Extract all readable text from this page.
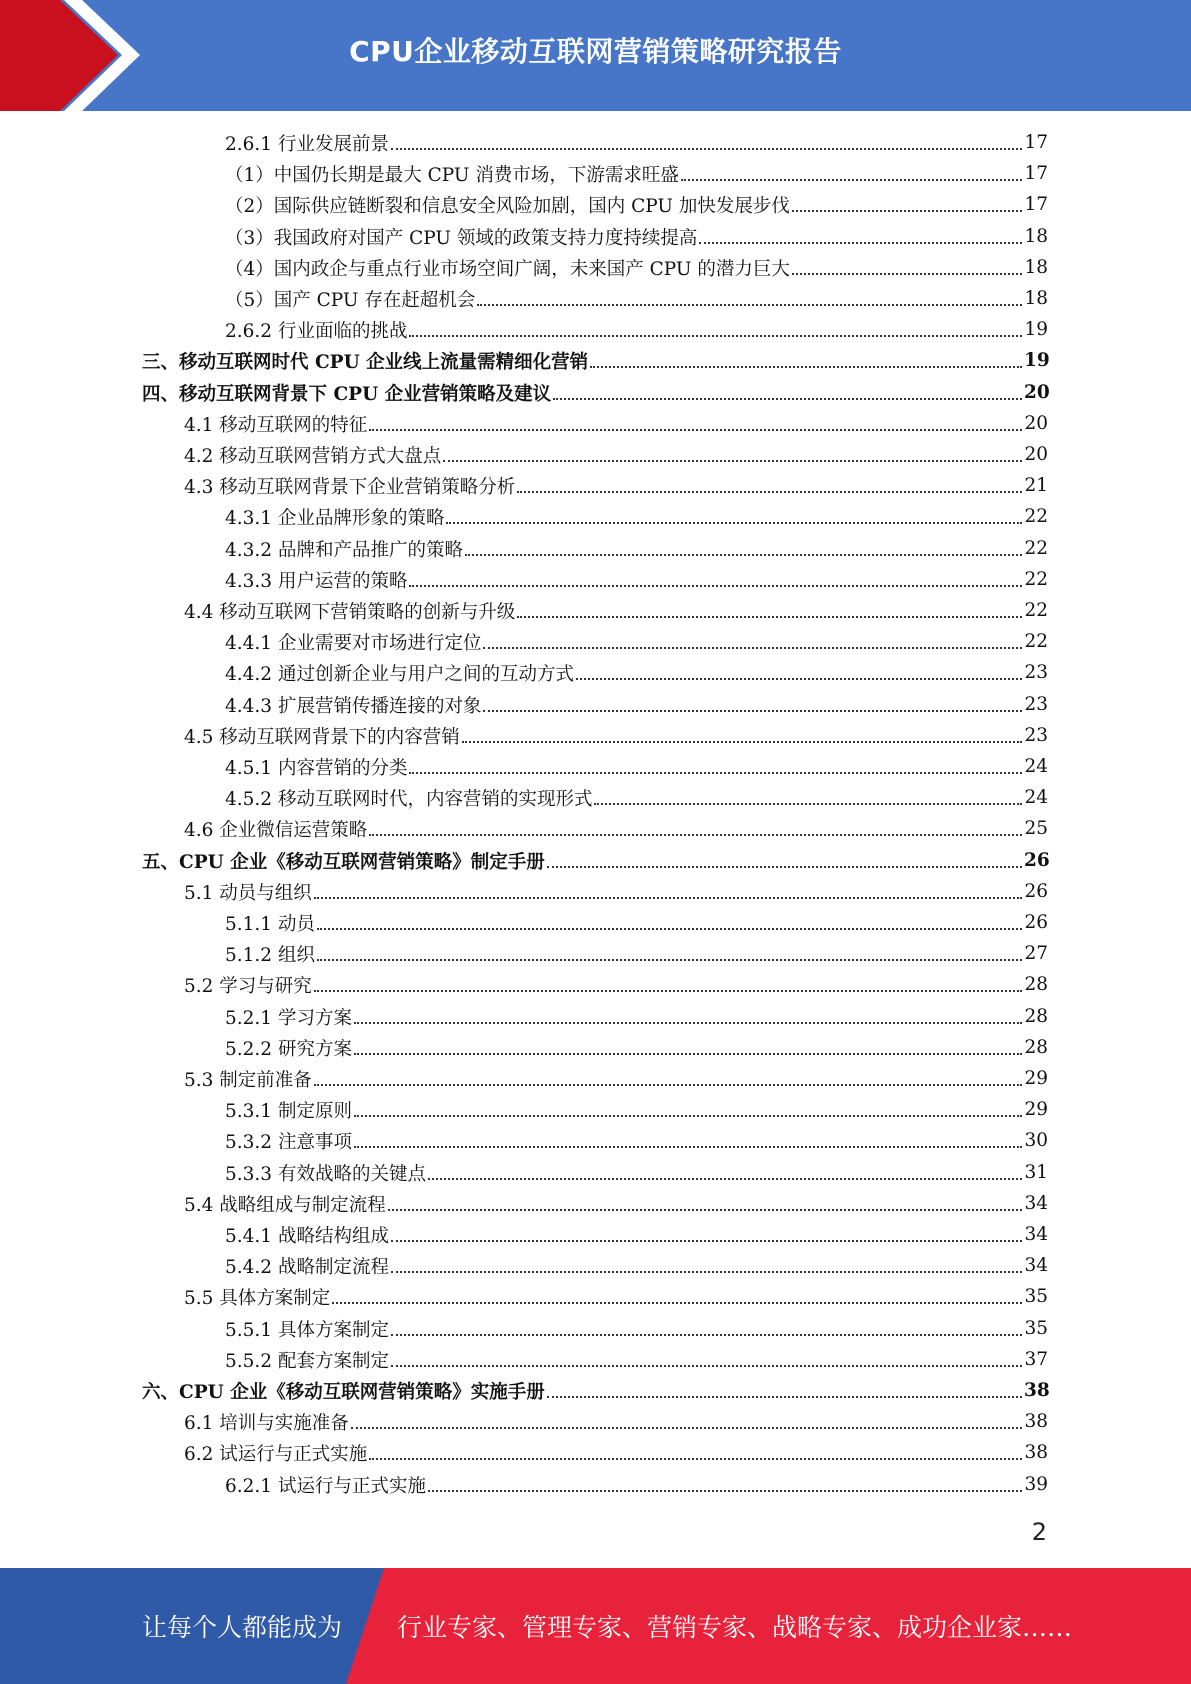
CPU企业移动互联网营销策略研究报告
2.6.1 行业发展前景	17
（1）中国仍长期是最大 CPU 消费市场，下游需求旺盛	17
（2）国际供应链断裂和信息安全风险加剧，国内 CPU 加快发展步伐	17
（3）我国政府对国产 CPU 领域的政策支持力度持续提高	18
（4）国内政企与重点行业市场空间广阔，未来国产 CPU 的潜力巨大	18
（5）国产 CPU 存在赶超机会	18
2.6.2 行业面临的挑战	19
三、移动互联网时代 CPU 企业线上流量需精细化营销	19
四、移动互联网背景下 CPU 企业营销策略及建议	20
4.1 移动互联网的特征	20
4.2 移动互联网营销方式大盘点	20
4.3 移动互联网背景下企业营销策略分析	21
4.3.1 企业品牌形象的策略	22
4.3.2 品牌和产品推广的策略	22
4.3.3 用户运营的策略	22
4.4 移动互联网下营销策略的创新与升级	22
4.4.1 企业需要对市场进行定位	22
4.4.2 通过创新企业与用户之间的互动方式	23
4.4.3 扩展营销传播连接的对象	23
4.5 移动互联网背景下的内容营销	23
4.5.1 内容营销的分类	24
4.5.2 移动互联网时代，内容营销的实现形式	24
4.6 企业微信运营策略	25
五、CPU 企业《移动互联网营销策略》制定手册	26
5.1 动员与组织	26
5.1.1 动员	26
5.1.2 组织	27
5.2 学习与研究	28
5.2.1 学习方案	28
5.2.2 研究方案	28
5.3 制定前准备	29
5.3.1 制定原则	29
5.3.2 注意事项	30
5.3.3 有效战略的关键点	31
5.4 战略组成与制定流程	34
5.4.1 战略结构组成	34
5.4.2 战略制定流程	34
5.5 具体方案制定	35
5.5.1 具体方案制定	35
5.5.2 配套方案制定	37
六、CPU 企业《移动互联网营销策略》实施手册	38
6.1 培训与实施准备	38
6.2 试运行与正式实施	38
6.2.1 试运行与正式实施	39
2
让每个人都能成为 行业专家、管理专家、营销专家、战略专家、成功企业家……
